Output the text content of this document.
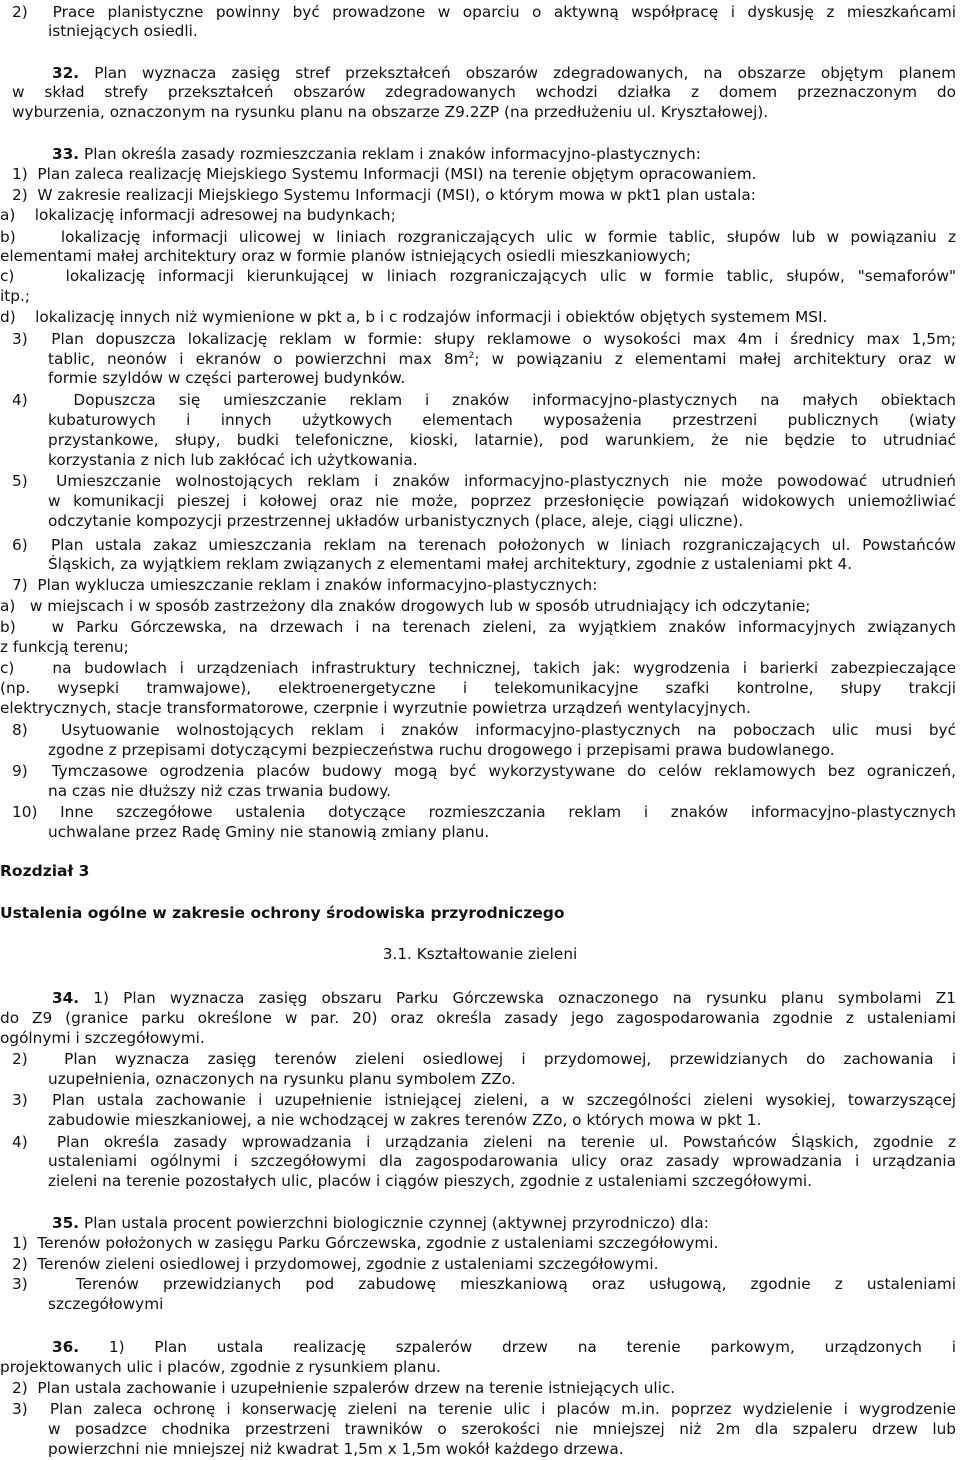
2)  Prace planistyczne powinny być prowadzone w oparciu o aktywną współpracę i dyskusję z mieszkańcami
istniejących osiedli.
32. Plan wyznacza zasięg stref przekształceń obszarów zdegradowanych, na obszarze objętym planem
w skład strefy przekształceń obszarów zdegradowanych wchodzi działka z domem przeznaczonym do
wyburzenia, oznaczonym na rysunku planu na obszarze Z9.2ZP (na przedłużeniu ul. Kryształowej).
33. Plan określa zasady rozmieszczania reklam i znaków informacyjno-plastycznych:
1)  Plan zaleca realizację Miejskiego Systemu Informacji (MSI) na terenie objętym opracowaniem.
2)  W zakresie realizacji Miejskiego Systemu Informacji (MSI), o którym mowa w pkt1 plan ustala:
a)    lokalizację informacji adresowej na budynkach;
b)    lokalizację informacji ulicowej w liniach rozgraniczających ulic w formie tablic, słupów lub w powiązaniu z
elementami małej architektury oraz w formie planów istniejących osiedli mieszkaniowych;
c)    lokalizację informacji kierunkującej w liniach rozgraniczających ulic w formie tablic, słupów, "semaforów"
itp.;
d)    lokalizację innych niż wymienione w pkt a, b i c rodzajów informacji i obiektów objętych systemem MSI.
3)  Plan dopuszcza lokalizację reklam w formie: słupy reklamowe o wysokości max 4m i średnicy max 1,5m;
tablic, neonów i ekranów o powierzchni $\max 8m^2$; w powiązaniu z elementami małej architektury oraz w
formie szyldów w części parterowej budynków.
4)  Dopuszcza się umieszczanie reklam i znaków informacyjno-plastycznych na małych obiektach
kubaturowych i innych użytkowych elementach wyposażenia przestrzeni publicznych (wiaty
przystankowe, słupy, budki telefoniczne, kioski, latarnie), pod warunkiem, że nie będzie to utrudniać
korzystania z nich lub zakłócać ich użytkowania.
5)  Umieszczanie wolnostojących reklam i znaków informacyjno-plastycznych nie może powodować utrudnień
w komunikacji pieszej i kołowej oraz nie może, poprzez przesłonięcie powiązań widokowych uniemożliwiać
odczytanie kompozycji przestrzennej układów urbanistycznych (place, aleje, ciągi uliczne).
6)  Plan ustala zakaz umieszczania reklam na terenach położonych w liniach rozgraniczających ul. Powstańców
Śląskich, za wyjątkiem reklam związanych z elementami małej architektury, zgodnie z ustaleniami pkt 4.
7)  Plan wyklucza umieszczanie reklam i znaków informacyjno-plastycznych:
a)   w miejscach i w sposób zastrzeżony dla znaków drogowych lub w sposób utrudniający ich odczytanie;
b)   w Parku Górczewska, na drzewach i na terenach zieleni, za wyjątkiem znaków informacyjnych związanych
z funkcją terenu;
c)   na budowlach i urządzeniach infrastruktury technicznej, takich jak: wygrodzenia i barierki zabezpieczające
(np. wysepki tramwajowe), elektroenergetyczne i telekomunikacyjne szafki kontrolne, słupy trakcji
elektrycznych, stacje transformatorowe, czerpnie i wyrzutnie powietrza urządzeń wentylacyjnych.
8)  Usytuowanie wolnostojących reklam i znaków informacyjno-plastycznych na poboczach ulic musi być
zgodne z przepisami dotyczącymi bezpieczeństwa ruchu drogowego i przepisami prawa budowlanego.
9)  Tymczasowe ogrodzenia placów budowy mogą być wykorzystywane do celów reklamowych bez ograniczeń,
na czas nie dłuższy niż czas trwania budowy.
10) Inne szczegółowe ustalenia dotyczące rozmieszczania reklam i znaków informacyjno-plastycznych
uchwalane przez Radę Gminy nie stanowią zmiany planu.
Rozdział 3
Ustalenia ogólne w zakresie ochrony środowiska przyrodniczego
3.1. Kształtowanie zieleni
34. 1) Plan wyznacza zasięg obszaru Parku Górczewska oznaczonego na rysunku planu symbolami Z1
do Z9 (granice parku określone w par. 20) oraz określa zasady jego zagospodarowania zgodnie z ustaleniami
ogólnymi i szczegółowymi.
2)  Plan wyznacza zasięg terenów zieleni osiedlowej i przydomowej, przewidzianych do zachowania i
uzupełnienia, oznaczonych na rysunku planu symbolem ZZo.
3)  Plan ustala zachowanie i uzupełnienie istniejącej zieleni, a w szczególności zieleni wysokiej, towarzyszącej
zabudowie mieszkaniowej, a nie wchodzącej w zakres terenów ZZo, o których mowa w pkt 1.
4)  Plan określa zasady wprowadzania i urządzania zieleni na terenie ul. Powstańców Śląskich, zgodnie z
ustaleniami ogólnymi i szczegółowymi dla zagospodarowania ulicy oraz zasady wprowadzania i urządzania
zieleni na terenie pozostałych ulic, placów i ciągów pieszych, zgodnie z ustaleniami szczegółowymi.
35. Plan ustala procent powierzchni biologicznie czynnej (aktywnej przyrodniczo) dla:
1)  Terenów położonych w zasięgu Parku Górczewska, zgodnie z ustaleniami szczegółowymi.
2)  Terenów zieleni osiedlowej i przydomowej, zgodnie z ustaleniami szczegółowymi.
3)  Terenów przewidzianych pod zabudowę mieszkaniową oraz usługową, zgodnie z ustaleniami
szczegółowymi
36. 1) Plan ustala realizację szpalerów drzew na terenie parkowym, urządzonych i
projektowanych ulic i placów, zgodnie z rysunkiem planu.
2)  Plan ustala zachowanie i uzupełnienie szpalerów drzew na terenie istniejących ulic.
3)  Plan zaleca ochronę i konserwację zieleni na terenie ulic i placów m.in. poprzez wydzielenie i wygrodzenie
w posadzce chodnika przestrzeni trawników o szerokości nie mniejszej niż 2m dla szpaleru drzew lub
powierzchni nie mniejszej niż kwadrat 1,5m x 1,5m wokół każdego drzewa.
